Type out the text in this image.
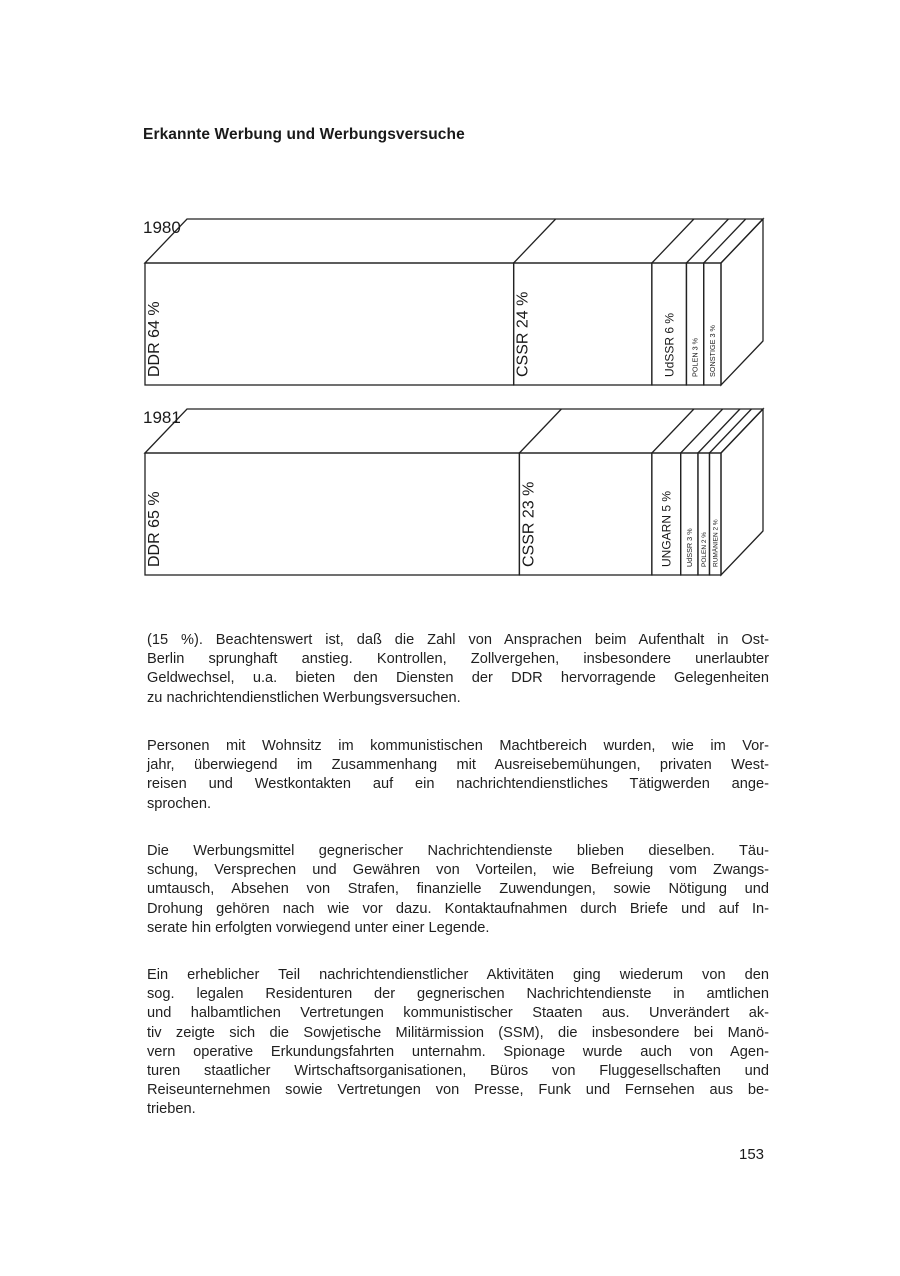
Erkannte Werbung und Werbungsversuche
1980
DDR 64 %	CSSR 24 %	UdSSR 6 % POLEN 3 % SONSTIGE 3 %
1981
DDR 65 %	CSSR 23 %	UNGARN 5 % UdSSR 3 % POLEN 2 % RUMÄNIEN 2 %
(15 %). Beachtenswert ist, daß die Zahl von Ansprachen beim Aufenthalt in Ost-
Berlin sprunghaft anstieg. Kontrollen, Zollvergehen, insbesondere unerlaubter
Geldwechsel, u.a. bieten den Diensten der DDR hervorragende Gelegenheiten
zu nachrichtendienstlichen Werbungsversuchen.
Personen mit Wohnsitz im kommunistischen Machtbereich wurden, wie im Vor-
jahr, überwiegend im Zusammenhang mit Ausreisebemühungen, privaten West-
reisen und Westkontakten auf ein nachrichtendienstliches Tätigwerden ange-
sprochen.
Die Werbungsmittel gegnerischer Nachrichtendienste blieben dieselben. Täu-
schung, Versprechen und Gewähren von Vorteilen, wie Befreiung vom Zwangs-
umtausch, Absehen von Strafen, finanzielle Zuwendungen, sowie Nötigung und
Drohung gehören nach wie vor dazu. Kontaktaufnahmen durch Briefe und auf In-
serate hin erfolgten vorwiegend unter einer Legende.
Ein erheblicher Teil nachrichtendienstlicher Aktivitäten ging wiederum von den
sog. legalen Residenturen der gegnerischen Nachrichtendienste in amtlichen
und halbamtlichen Vertretungen kommunistischer Staaten aus. Unverändert ak-
tiv zeigte sich die Sowjetische Militärmission (SSM), die insbesondere bei Manö-
vern operative Erkundungsfahrten unternahm. Spionage wurde auch von Agen-
turen staatlicher Wirtschaftsorganisationen, Büros von Fluggesellschaften und
Reiseunternehmen sowie Vertretungen von Presse, Funk und Fernsehen aus be-
trieben.
153
